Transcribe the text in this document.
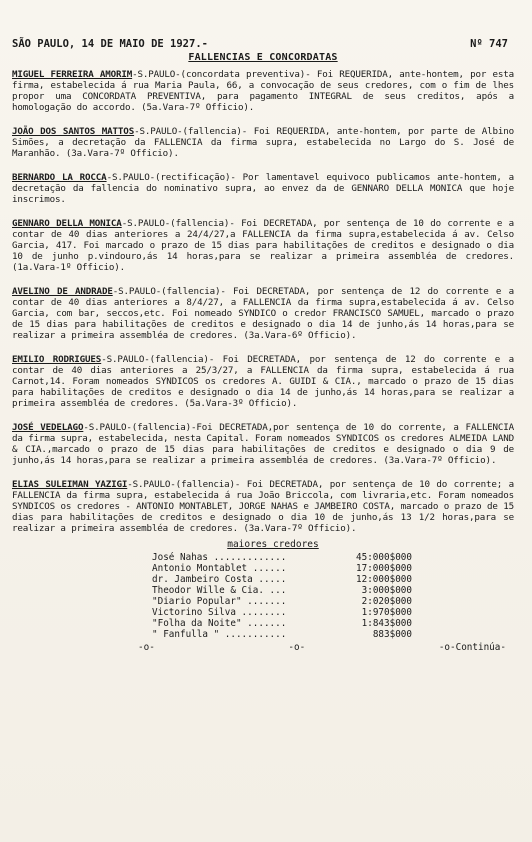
SÃO PAULO, 14 DE MAIO DE 1927.-	Nº 747
FALLENCIAS E CONCORDATAS

MIGUEL FERREIRA AMORIM-S.PAULO-(concordata preventiva)- Foi REQUERIDA, ante-hontem, por esta firma, estabelecida á rua Maria Paula, 66, a convocação de seus credores, com o fim de lhes propor uma CONCORDATA PREVENTIVA, para pagamento INTEGRAL de seus creditos, após a homologação do accordo. (5a.Vara-7º Officio).

JOÃO DOS SANTOS MATTOS-S.PAULO-(fallencia)- Foi REQUERIDA, ante-hontem, por parte de Albino Simões, a decretação da FALLENCIA da firma supra, estabelecida no Largo do S. José de Maranhão. (3a.Vara-7º Officio).

BERNARDO LA ROCCA-S.PAULO-(rectificação)- Por lamentavel equivoco publicamos ante-hontem, a decretação da fallencia do nominativo supra, ao envez da de GENNARO DELLA MONICA que hoje inscrimos.

GENNARO DELLA MONICA-S.PAULO-(fallencia)- Foi DECRETADA, por sentença de 10 do corrente e a contar de 40 dias anteriores a 24/4/27,a FALLENCIA da firma supra,estabelecida á av. Celso Garcia, 417. Foi marcado o prazo de 15 dias para habilitações de creditos e designado o dia 10 de junho p.vindouro,ás 14 horas,para se realizar a primeira assembléa de credores. (1a.Vara-1º Officio).

AVELINO DE ANDRADE-S.PAULO-(fallencia)- Foi DECRETADA, por sentença de 12 do corrente e a contar de 40 dias anteriores a 8/4/27, a FALLENCIA da firma supra,estabelecida á av. Celso Garcia, com bar, seccos,etc. Foi nomeado SYNDICO o credor FRANCISCO SAMUEL, marcado o prazo de 15 dias para habilitações de creditos e designado o dia 14 de junho,ás 14 horas,para se realizar a primeira assembléa de credores. (3a.Vara-6º Officio).

EMILIO RODRIGUES-S.PAULO-(fallencia)- Foi DECRETADA, por sentença de 12 do corrente e a contar de 40 dias anteriores a 25/3/27, a FALLENCIA da firma supra, estabelecida á rua Carnot,14. Foram nomeados SYNDICOS os credores A. GUIDI & CIA., marcado o prazo de 15 dias para habilitações de creditos e designado o dia 14 de junho,ás 14 horas,para se realizar a primeira assembléa de credores. (5a.Vara-3º Officio).

JOSÉ VEDELAGO-S.PAULO-(fallencia)-Foi DECRETADA,por sentença de 10 do corrente, a FALLENCIA da firma supra, estabelecida, nesta Capital. Foram nomeados SYNDICOS os credores ALMEIDA LAND & CIA.,marcado o prazo de 15 dias para habilitações de creditos e designado o dia 9 de junho,ás 14 horas,para se realizar a primeira assembléa de credores. (3a.Vara-7º Officio).

ELIAS SULEIMAN YAZIGI-S.PAULO-(fallencia)- Foi DECRETADA, por sentença de 10 do corrente; a FALLENCIA da firma supra, estabelecida á rua João Briccola, com livraria,etc. Foram nomeados SYNDICOS os credores - ANTONIO MONTABLET, JORGE NAHAS e JAMBEIRO COSTA, marcado o prazo de 15 dias para habilitações de creditos e designado o dia 10 de junho,ás 13 1/2 horas,para se realizar a primeira assembléa de credores. (3a.Vara-7º Officio).

maiores credores
José Nahas .............	45:000$000
Antonio Montablet ......	17:000$000
dr. Jambeiro Costa .....	12:000$000
Theodor Wille & Cia. ...	3:000$000
"Diario Popular" .......	2:020$000
Victorino Silva ........	1:970$000
"Folha da Noite" .......	1:843$000
" Fanfulla " ...........	883$000
-o-	-o-	-o-Continúa-
